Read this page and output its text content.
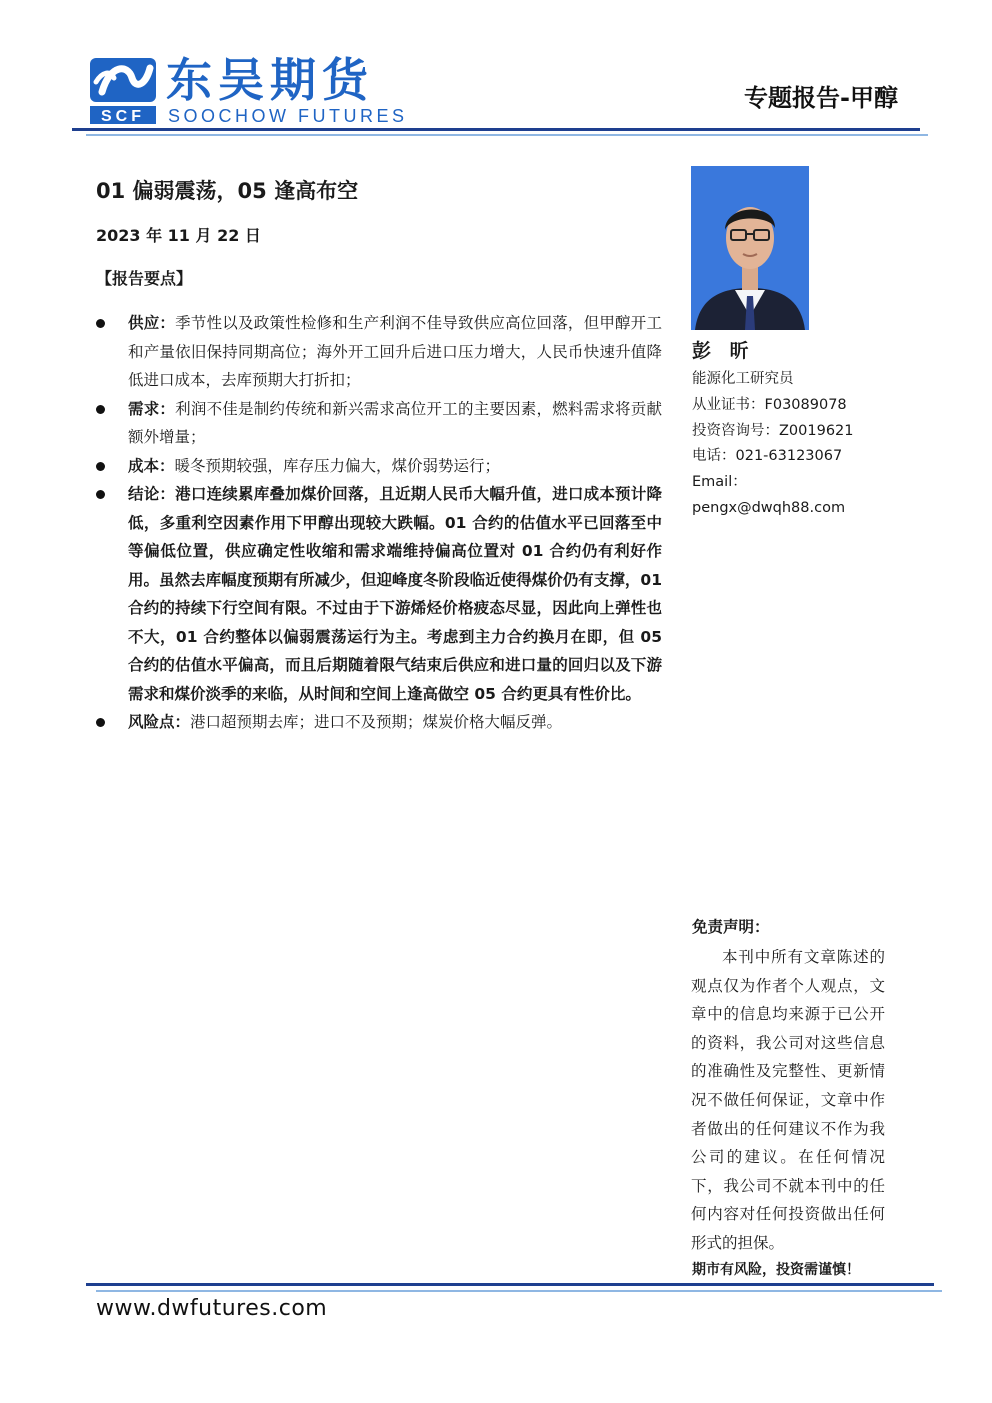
SCF
东吴期货
SOOCHOW FUTURES
专题报告-甲醇
01 偏弱震荡，05 逢高布空
2023 年 11 月 22 日
【报告要点】
供应：季节性以及政策性检修和生产利润不佳导致供应高位回落，但甲醇开工和产量依旧保持同期高位；海外开工回升后进口压力增大，人民币快速升值降低进口成本，去库预期大打折扣；
需求：利润不佳是制约传统和新兴需求高位开工的主要因素，燃料需求将贡献额外增量；
成本：暖冬预期较强，库存压力偏大，煤价弱势运行；
结论：港口连续累库叠加煤价回落，且近期人民币大幅升值，进口成本预计降低，多重利空因素作用下甲醇出现较大跌幅。01 合约的估值水平已回落至中等偏低位置，供应确定性收缩和需求端维持偏高位置对 01 合约仍有利好作用。虽然去库幅度预期有所减少，但迎峰度冬阶段临近使得煤价仍有支撑，01 合约的持续下行空间有限。不过由于下游烯烃价格疲态尽显，因此向上弹性也不大，01 合约整体以偏弱震荡运行为主。考虑到主力合约换月在即，但 05 合约的估值水平偏高，而且后期随着限气结束后供应和进口量的回归以及下游需求和煤价淡季的来临，从时间和空间上逢高做空 05 合约更具有性价比。
风险点：港口超预期去库；进口不及预期；煤炭价格大幅反弹。
彭 昕
能源化工研究员
从业证书：F03089078
投资咨询号：Z0019621
电话：021-63123067
Email：
pengx@dwqh88.com
免责声明：
本刊中所有文章陈述的观点仅为作者个人观点，文章中的信息均来源于已公开的资料，我公司对这些信息的准确性及完整性、更新情况不做任何保证，文章中作者做出的任何建议不作为我公司的建议。在任何情况下，我公司不就本刊中的任何内容对任何投资做出任何形式的担保。
期市有风险，投资需谨慎！
www.dwfutures.com
